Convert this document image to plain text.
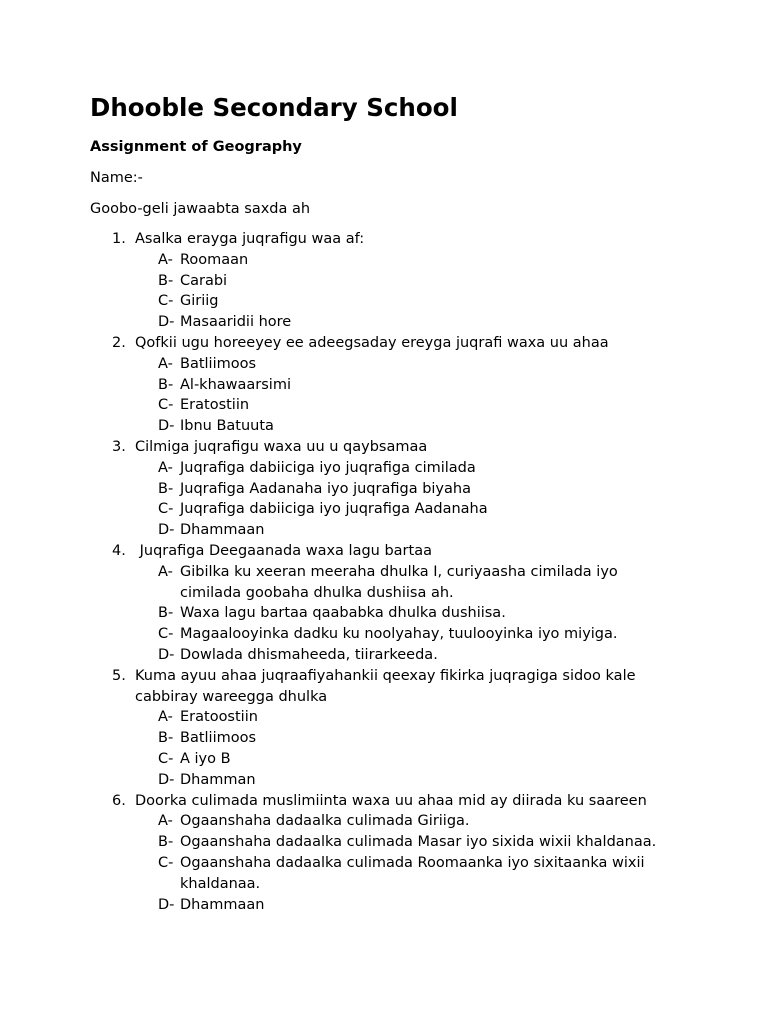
Dhooble Secondary School
Assignment of Geography
Name:-
Goobo-geli jawaabta saxda ah
1. Asalka erayga juqrafigu waa af:
A- Roomaan
B- Carabi
C- Giriig
D- Masaaridii hore
2. Qofkii ugu horeeyey ee adeegsaday ereyga juqrafi waxa uu ahaa
A- Batliimoos
B- Al-khawaarsimi
C- Eratostiin
D- Ibnu Batuuta
3. Cilmiga juqrafigu waxa uu u qaybsamaa
A- Juqrafiga dabiiciga iyo juqrafiga cimilada
B- Juqrafiga Aadanaha iyo juqrafiga biyaha
C- Juqrafiga dabiiciga iyo juqrafiga Aadanaha
D- Dhammaan
4. Juqrafiga Deegaanada waxa lagu bartaa
A- Gibilka ku xeeran meeraha dhulka I, curiyaasha cimilada iyo cimilada goobaha dhulka dushiisa ah.
B- Waxa lagu bartaa qaababka dhulka dushiisa.
C- Magaalooyinka dadku ku noolyahay, tuulooyinka iyo miyiga.
D- Dowlada dhismaheeda, tiirarkeeda.
5. Kuma ayuu ahaa juqraafiyahankii qeexay fikirka juqragiga sidoo kale cabbiray wareegga dhulka
A- Eratoostiin
B- Batliimoos
C- A iyo B
D- Dhamman
6. Doorka culimada muslimiinta waxa uu ahaa mid ay diirada ku saareen
A- Ogaanshaha dadaalka culimada Giriiga.
B- Ogaanshaha dadaalka culimada Masar iyo sixida wixii khaldanaa.
C- Ogaanshaha dadaalka culimada Roomaanka iyo sixitaanka wixii khaldanaa.
D- Dhammaan
